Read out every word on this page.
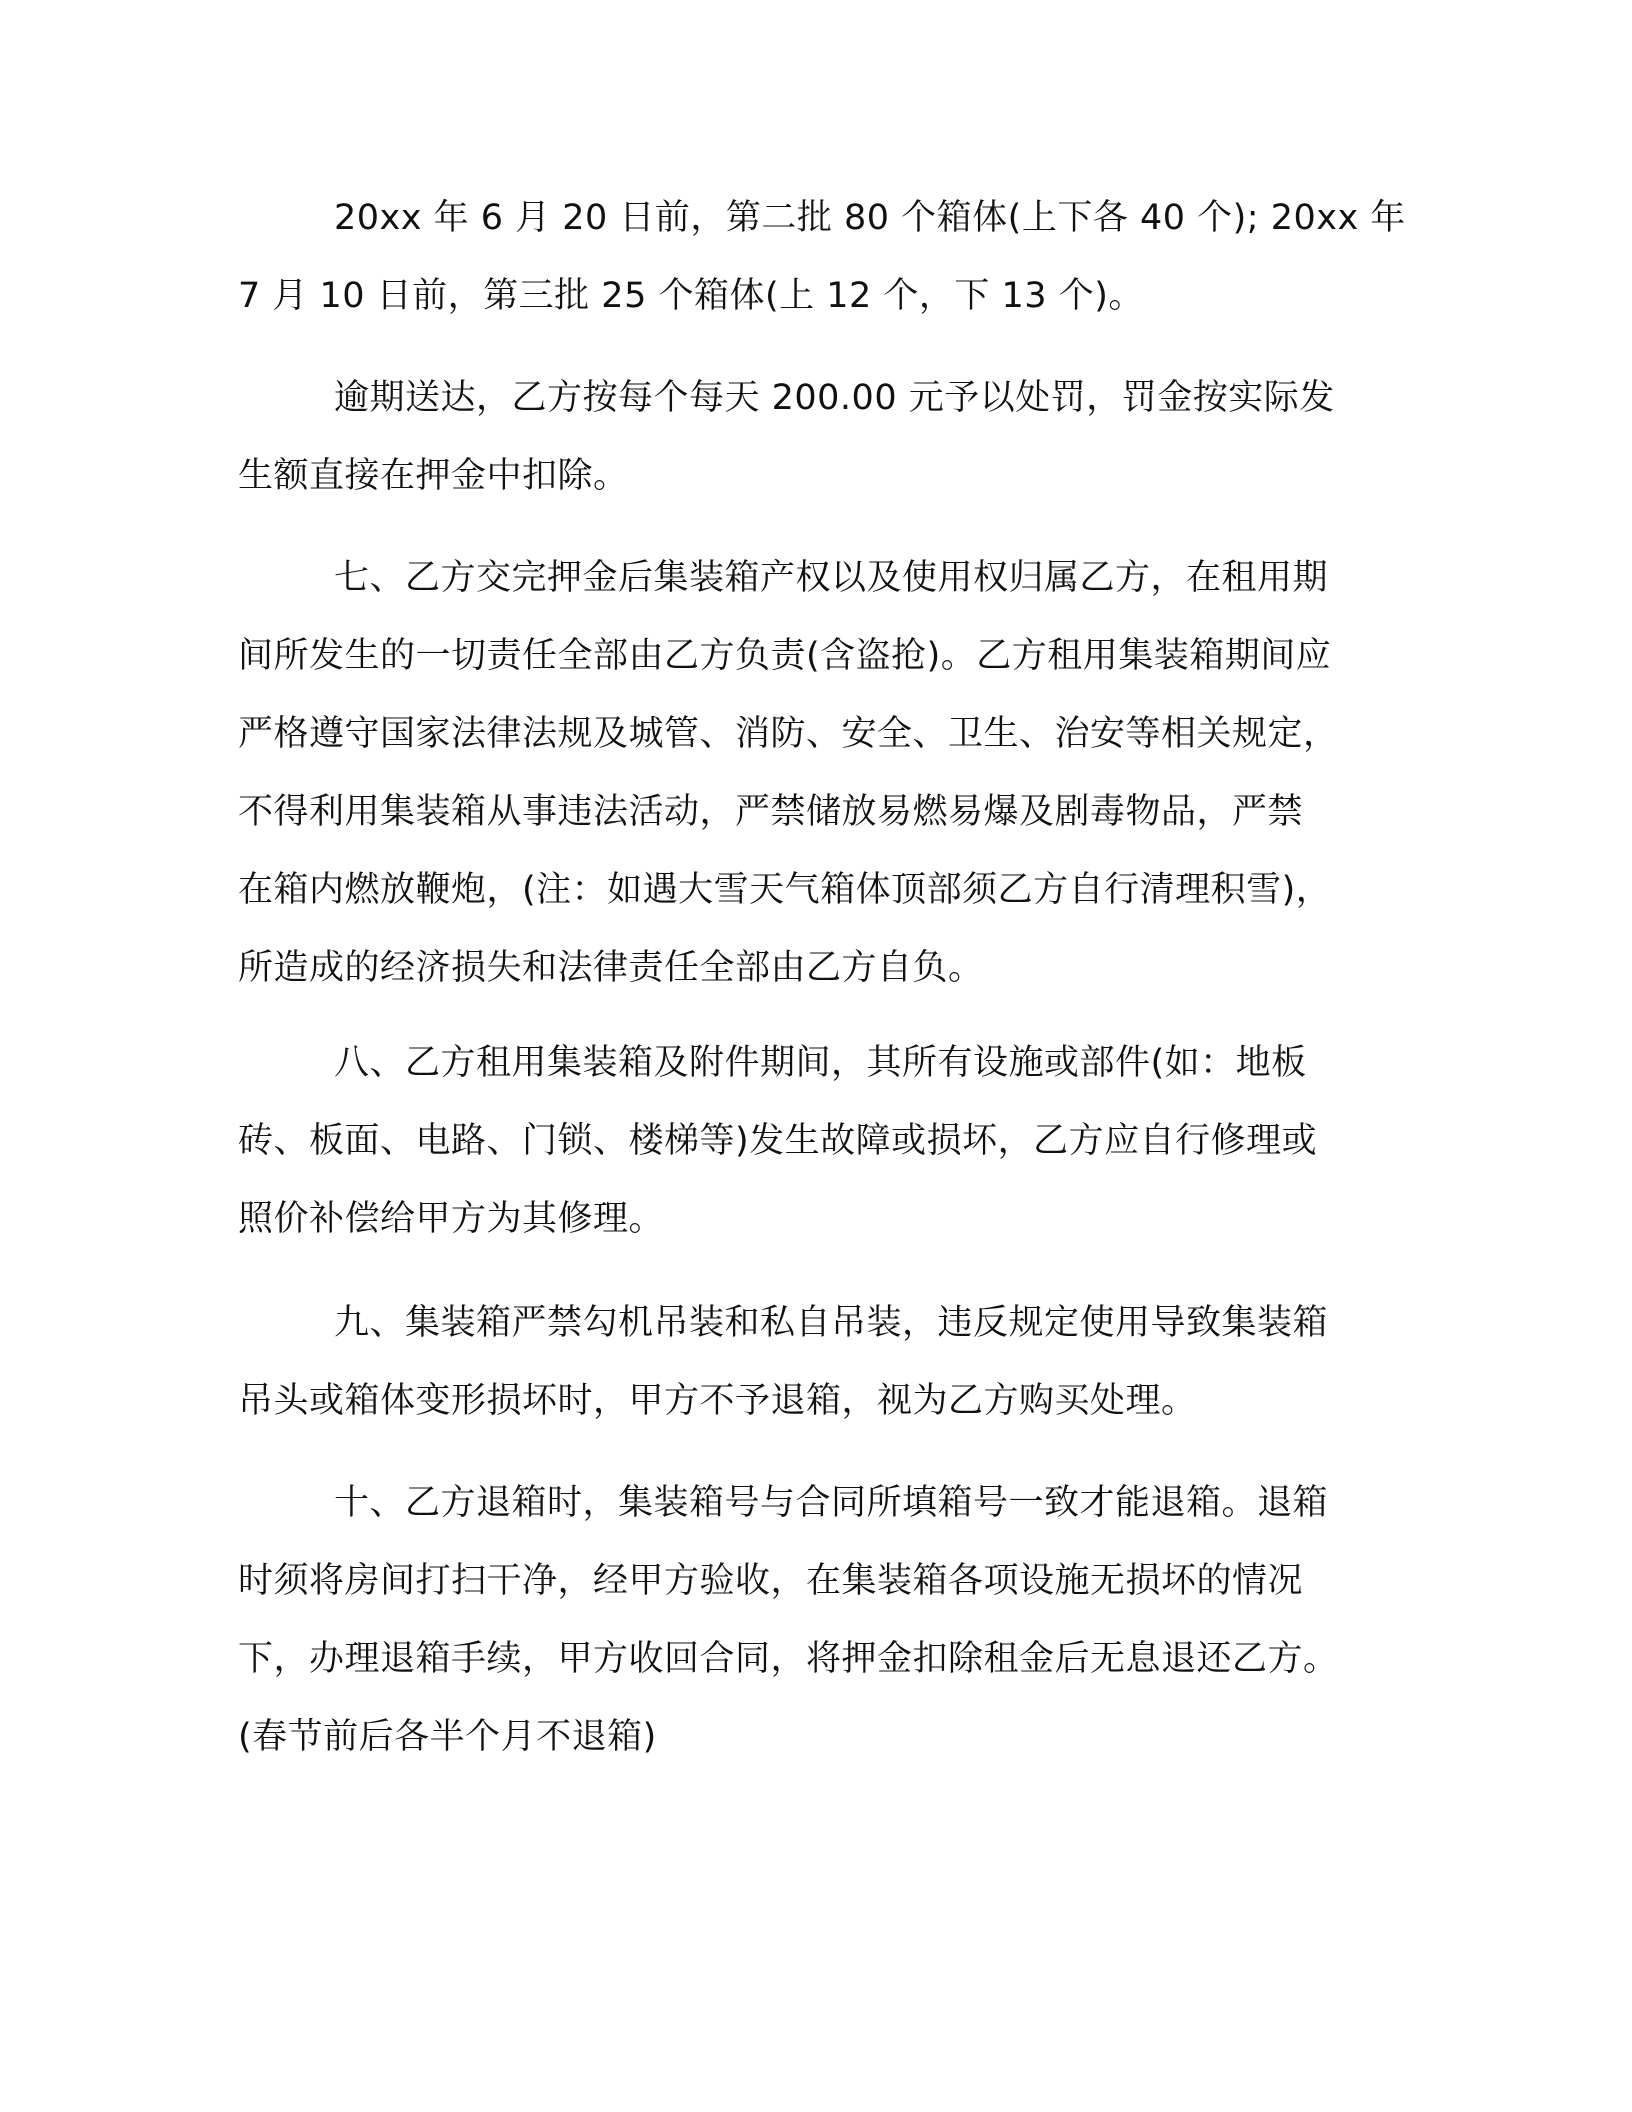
20xx 年 6 月 20 日前，第二批 80 个箱体(上下各 40 个); 20xx 年
7 月 10 日前，第三批 25 个箱体(上 12 个，下 13 个)。
逾期送达，乙方按每个每天 200.00 元予以处罚，罚金按实际发
生额直接在押金中扣除。
七、乙方交完押金后集装箱产权以及使用权归属乙方，在租用期
间所发生的一切责任全部由乙方负责(含盗抢)。乙方租用集装箱期间应
严格遵守国家法律法规及城管、消防、安全、卫生、治安等相关规定，
不得利用集装箱从事违法活动，严禁储放易燃易爆及剧毒物品，严禁
在箱内燃放鞭炮，(注：如遇大雪天气箱体顶部须乙方自行清理积雪)，
所造成的经济损失和法律责任全部由乙方自负。
八、乙方租用集装箱及附件期间，其所有设施或部件(如：地板
砖、板面、电路、门锁、楼梯等)发生故障或损坏，乙方应自行修理或
照价补偿给甲方为其修理。
九、集装箱严禁勾机吊装和私自吊装，违反规定使用导致集装箱
吊头或箱体变形损坏时，甲方不予退箱，视为乙方购买处理。
十、乙方退箱时，集装箱号与合同所填箱号一致才能退箱。退箱
时须将房间打扫干净，经甲方验收，在集装箱各项设施无损坏的情况
下，办理退箱手续，甲方收回合同，将押金扣除租金后无息退还乙方。
(春节前后各半个月不退箱)
